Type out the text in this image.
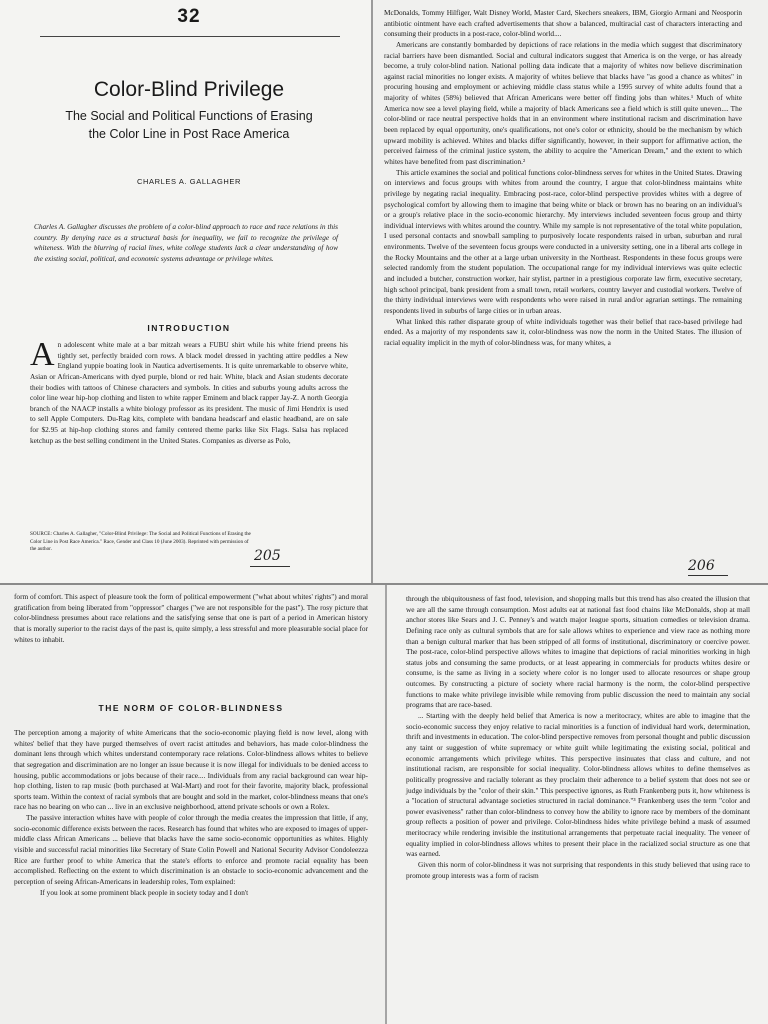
32
Color-Blind Privilege
The Social and Political Functions of Erasing the Color Line in Post Race America
CHARLES A. GALLAGHER
Charles A. Gallagher discusses the problem of a color-blind approach to race and race relations in this country. By denying race as a structural basis for inequality, we fail to recognize the privilege of whiteness. With the blurring of racial lines, white college students lack a clear understanding of how the existing social, political, and economic systems advantage or privilege whites.
INTRODUCTION
An adolescent white male at a bar mitzah wears a FUBU shirt while his white friend preens his tightly set, perfectly braided corn rows. A black model dressed in yachting attire peddles a New England yuppie boating look in Nautica advertisements. It is quite unremarkable to observe white, Asian or African-Americans with dyed purple, blond or red hair. White, black and Asian students decorate their bodies with tattoos of Chinese characters and symbols. In cities and suburbs young adults across the color line wear hip-hop clothing and listen to white rapper Eminem and black rapper Jay-Z. A north Georgia branch of the NAACP installs a white biology professor as its president. The music of Jimi Hendrix is used to sell Apple Computers. Du-Rag kits, complete with bandana headscarf and elastic headband, are on sale for $2.95 at hip-hop clothing stores and family centered theme parks like Six Flags. Salsa has replaced ketchup as the best selling condiment in the United States. Companies as diverse as Polo,
SOURCE: Charles A. Gallagher, "Color-Blind Privilege: The Social and Political Functions of Erasing the Color Line in Post Race America." Race, Gender and Class 10 (June 2003). Reprinted with permission of the author.	205

McDonalds, Tommy Hilfiger, Walt Disney World, Master Card, Skechers sneakers, IBM, Giorgio Armani and Neosporin antibiotic ointment have each crafted advertisements that show a balanced, multiracial cast of characters interacting and consuming their products in a post-race, color-blind world....

Americans are constantly bombarded by depictions of race relations in the media which suggest that discriminatory racial barriers have been dismantled. Social and cultural indicators suggest that America is on the verge, or has already become, a truly color-blind nation. National polling data indicate that a majority of whites now believe discrimination against racial minorities no longer exists. A majority of whites believe that blacks have "as good a chance as whites" in procuring housing and employment or achieving middle class status while a 1995 survey of white adults found that a majority of whites (58%) believed that African Americans were better off finding jobs than whites.¹ Much of white America now see a level playing field, while a majority of black Americans see a field which is still quite uneven.... The color-blind or race neutral perspective holds that in an environment where institutional racism and discrimination have been replaced by equal opportunity, one's qualifications, not one's color or ethnicity, should be the mechanism by which upward mobility is achieved. Whites and blacks differ significantly, however, in their support for affirmative action, the perceived fairness of the criminal justice system, the ability to acquire the "American Dream," and the extent to which whites have benefited from past discrimination.²

This article examines the social and political functions color-blindness serves for whites in the United States. Drawing on interviews and focus groups with whites from around the country, I argue that color-blindness maintains white privilege by negating racial inequality. Embracing post-race, color-blind perspective provides whites with a degree of psychological comfort by allowing them to imagine that being white or black or brown has no bearing on an individual's or a group's relative place in the socio-economic hierarchy. My interviews included seventeen focus group and thirty individual interviews with whites around the country. While my sample is not representative of the total white population, I used personal contacts and snowball sampling to purposively locate respondents raised in urban, suburban and rural environments. Twelve of the seventeen focus groups were conducted in a university setting, one in a liberal arts college in the Rocky Mountains and the other at a large urban university in the Northeast. Respondents in these focus groups were selected randomly from the student population. The occupational range for my individual interviews was quite eclectic and included a butcher, construction worker, hair stylist, partner in a prestigious corporate law firm, executive secretary, high school principal, bank president from a small town, retail workers, country lawyer and custodial workers. Twelve of the thirty individual interviews were with respondents who were raised in rural and/or agrarian settings. The remaining respondents lived in suburbs of large cities or in urban areas.

What linked this rather disparate group of white individuals together was their belief that race-based privilege had ended. As a majority of my respondents saw it, color-blindness was now the norm in the United States. The illusion of racial equality implicit in the myth of color-blindness was, for many whites, a

206

form of comfort. This aspect of pleasure took the form of political empowerment ("what about whites' rights") and moral gratification from being liberated from "oppressor" charges ("we are not responsible for the past"). The rosy picture that color-blindness presumes about race relations and the satisfying sense that one is part of a period in American history that is morally superior to the racist days of the past is, quite simply, a less stressful and more pleasurable social place for whites to inhabit.

THE NORM OF COLOR-BLINDNESS

The perception among a majority of white Americans that the socio-economic playing field is now level, along with whites' belief that they have purged themselves of overt racist attitudes and behaviors, has made color-blindness the dominant lens through which whites understand contemporary race relations. Color-blindness allows whites to believe that segregation and discrimination are no longer an issue because it is now illegal for individuals to be denied access to housing, public accommodations or jobs because of their race.... Individuals from any racial background can wear hip-hop clothing, listen to rap music (both purchased at Wal-Mart) and root for their favorite, majority black, professional sports team. Within the context of racial symbols that are bought and sold in the market, color-blindness means that one's race has no bearing on who can ... live in an exclusive neighborhood, attend private schools or own a Rolex.

The passive interaction whites have with people of color through the media creates the impression that little, if any, socio-economic difference exists between the races. Research has found that whites who are exposed to images of upper-middle class African Americans ... believe that blacks have the same socio-economic opportunities as whites. Highly visible and successful racial minorities like Secretary of State Colin Powell and National Security Advisor Condoleezza Rice are further proof to white America that the state's efforts to enforce and promote racial equality has been accomplished. Reflecting on the extent to which discrimination is an obstacle to socio-economic advancement and the perception of seeing African-Americans in leadership roles, Tom explained:

If you look at some prominent black people in society today and I don't

through the ubiquitousness of fast food, television, and shopping malls but this trend has also created the illusion that we are all the same through consumption. Most adults eat at national fast food chains like McDonalds, shop at mall anchor stores like Sears and J. C. Penney's and watch major league sports, situation comedies or television drama. Defining race only as cultural symbols that are for sale allows whites to experience and view race as nothing more than a benign cultural marker that has been stripped of all forms of institutional, discriminatory or coercive power. The post-race, color-blind perspective allows whites to imagine that depictions of racial minorities working in high status jobs and consuming the same products, or at least appearing in commercials for products whites desire or consume, is the same as living in a society where color is no longer used to allocate resources or shape group outcomes. By constructing a picture of society where racial harmony is the norm, the color-blind perspective functions to make white privilege invisible while removing from public discussion the need to maintain any social programs that are race-based.

... Starting with the deeply held belief that America is now a meritocracy, whites are able to imagine that the socio-economic success they enjoy relative to racial minorities is a function of individual hard work, determination, thrift and investments in education. The color-blind perspective removes from personal thought and public discussion any taint or suggestion of white supremacy or white guilt while legitimating the existing social, political and economic arrangements which privilege whites. This perspective insinuates that class and culture, and not institutional racism, are responsible for social inequality. Color-blindness allows whites to define themselves as politically progressive and racially tolerant as they proclaim their adherence to a belief system that does not see or judge individuals by the "color of their skin." This perspective ignores, as Ruth Frankenberg puts it, how whiteness is a "location of structural advantage societies structured in racial dominance."³ Frankenberg uses the term "color and power evasiveness" rather than color-blindness to convey how the ability to ignore race by members of the dominant group reflects a position of power and privilege. Color-blindness hides white privilege behind a mask of assumed meritocracy while rendering invisible the institutional arrangements that perpetuate racial inequality. The veneer of equality implied in color-blindness allows whites to present their place in the racialized social structure as one that was earned.

Given this norm of color-blindness it was not surprising that respondents in this study believed that using race to promote group interests was a form of racism
